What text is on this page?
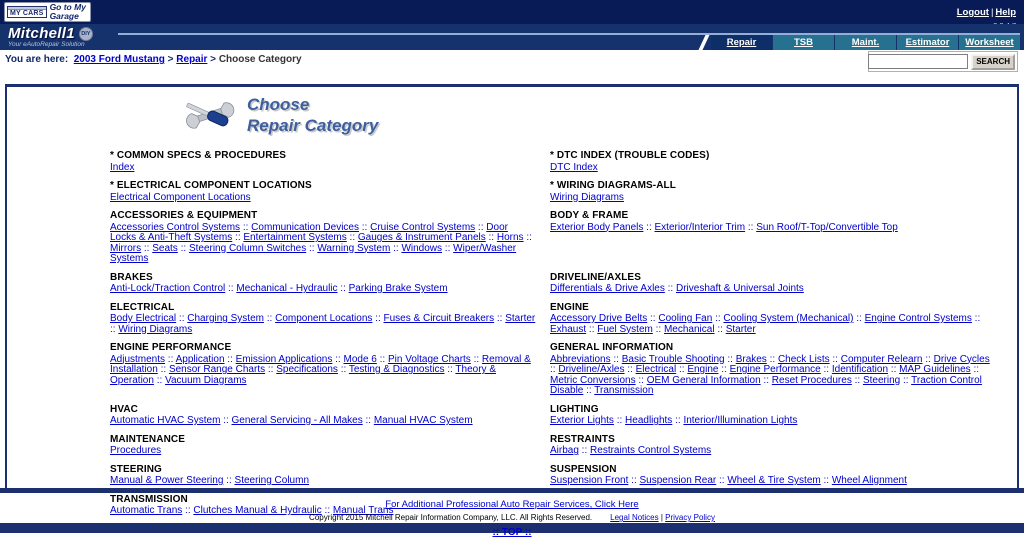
MY CARS
Go to My
Garage	Logout | Help
Mitchell1	DIY
Your eAutoRepair Solution	Repair	TSB	Maint.	Estimator	Worksheet
You are here: 2003 Ford Mustang > Repair > Choose Category	SEARCH
Choose
Repair Category
* COMMON SPECS & PROCEDURES
Index
* DTC INDEX (TROUBLE CODES)
DTC Index
* ELECTRICAL COMPONENT LOCATIONS
Electrical Component Locations
* WIRING DIAGRAMS-ALL
Wiring Diagrams
ACCESSORIES & EQUIPMENT
Accessories Control Systems :: Communication Devices :: Cruise Control Systems :: Door Locks & Anti-Theft Systems :: Entertainment Systems :: Gauges & Instrument Panels :: Horns :: Mirrors :: Seats :: Steering Column Switches :: Warning System :: Windows :: Wiper/Washer Systems
BODY & FRAME
Exterior Body Panels :: Exterior/Interior Trim :: Sun Roof/T-Top/Convertible Top
BRAKES
Anti-Lock/Traction Control :: Mechanical - Hydraulic :: Parking Brake System
DRIVELINE/AXLES
Differentials & Drive Axles :: Driveshaft & Universal Joints
ELECTRICAL
Body Electrical :: Charging System :: Component Locations :: Fuses & Circuit Breakers :: Starter :: Wiring Diagrams
ENGINE
Accessory Drive Belts :: Cooling Fan :: Cooling System (Mechanical) :: Engine Control Systems :: Exhaust :: Fuel System :: Mechanical :: Starter
ENGINE PERFORMANCE
Adjustments :: Application :: Emission Applications :: Mode 6 :: Pin Voltage Charts :: Removal & Installation :: Sensor Range Charts :: Specifications :: Testing & Diagnostics :: Theory & Operation :: Vacuum Diagrams
GENERAL INFORMATION
Abbreviations :: Basic Trouble Shooting :: Brakes :: Check Lists :: Computer Relearn :: Drive Cycles :: Driveline/Axles :: Electrical :: Engine :: Engine Performance :: Identification :: MAP Guidelines :: Metric Conversions :: OEM General Information :: Reset Procedures :: Steering :: Traction Control Disable :: Transmission
HVAC
Automatic HVAC System :: General Servicing - All Makes :: Manual HVAC System
LIGHTING
Exterior Lights :: Headlights :: Interior/Illumination Lights
MAINTENANCE
Procedures
RESTRAINTS
Airbag :: Restraints Control Systems
STEERING
Manual & Power Steering :: Steering Column
SUSPENSION
Suspension Front :: Suspension Rear :: Wheel & Tire System :: Wheel Alignment
TRANSMISSION
Automatic Trans :: Clutches Manual & Hydraulic :: Manual Trans
For Additional Professional Auto Repair Services, Click Here
Copyright 2015 Mitchell Repair Information Company, LLC. All Rights Reserved. Legal Notices | Privacy Policy
:: TOP ::
